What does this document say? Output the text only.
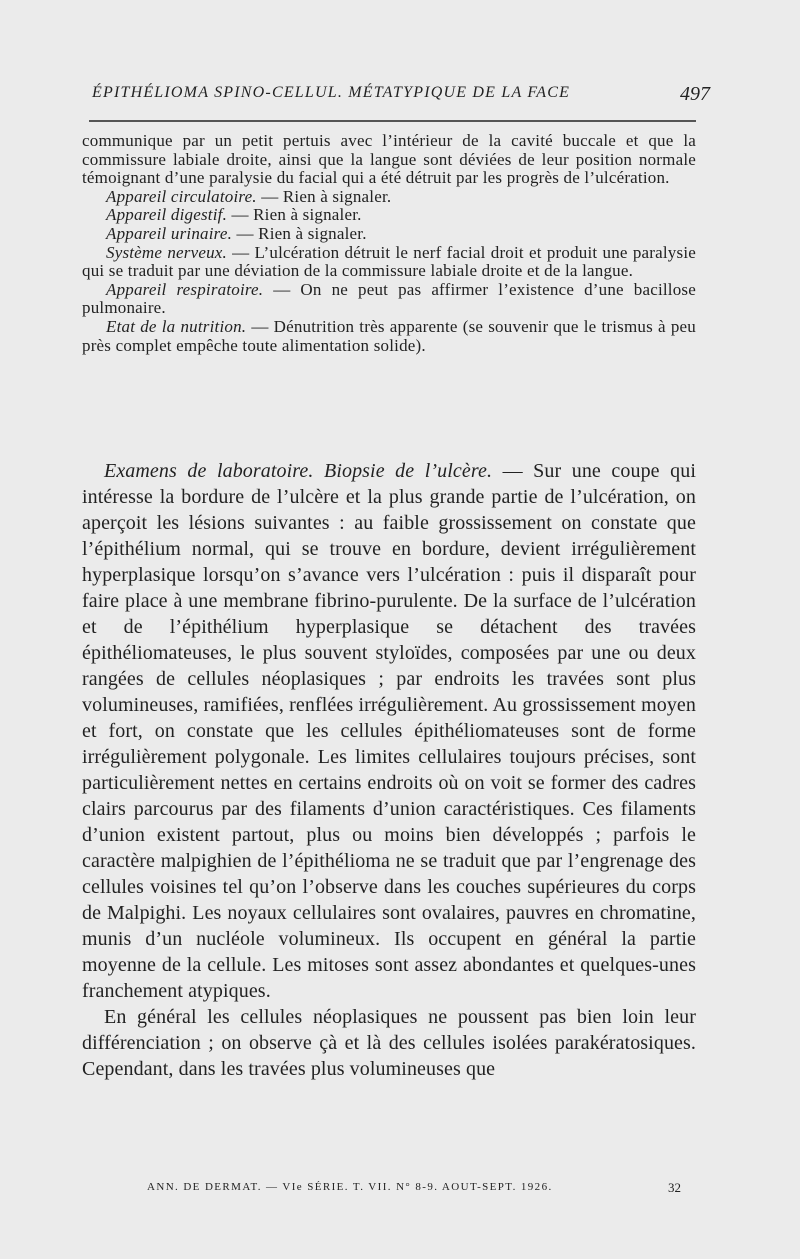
ÉPITHÉLIOMA SPINO-CELLUL. MÉTATYPIQUE DE LA FACE	497

communique par un petit pertuis avec l’intérieur de la cavité buccale et que la commissure labiale droite, ainsi que la langue sont déviées de leur position normale témoignant d’une paralysie du facial qui a été détruit par les progrès de l’ulcération.

Appareil circulatoire. — Rien à signaler.

Appareil digestif. — Rien à signaler.

Appareil urinaire. — Rien à signaler.

Système nerveux. — L’ulcération détruit le nerf facial droit et produit une paralysie qui se traduit par une déviation de la commissure labiale droite et de la langue.

Appareil respiratoire. — On ne peut pas affirmer l’existence d’une bacillose pulmonaire.

Etat de la nutrition. — Dénutrition très apparente (se souvenir que le trismus à peu près complet empêche toute alimentation solide).

Examens de laboratoire. Biopsie de l’ulcère. — Sur une coupe qui intéresse la bordure de l’ulcère et la plus grande partie de l’ulcération, on aperçoit les lésions suivantes : au faible grossissement on constate que l’épithélium normal, qui se trouve en bordure, devient irrégulièrement hyperplasique lorsqu’on s’avance vers l’ulcération : puis il disparaît pour faire place à une membrane fibrino-purulente. De la surface de l’ulcération et de l’épithélium hyperplasique se détachent des travées épithéliomateuses, le plus souvent styloïdes, composées par une ou deux rangées de cellules néoplasiques ; par endroits les travées sont plus volumineuses, ramifiées, renflées irrégulièrement. Au grossissement moyen et fort, on constate que les cellules épithéliomateuses sont de forme irrégulièrement polygonale. Les limites cellulaires toujours précises, sont particulièrement nettes en certains endroits où on voit se former des cadres clairs parcourus par des filaments d’union caractéristiques. Ces filaments d’union existent partout, plus ou moins bien développés ; parfois le caractère malpighien de l’épithélioma ne se traduit que par l’engrenage des cellules voisines tel qu’on l’observe dans les couches supérieures du corps de Malpighi. Les noyaux cellulaires sont ovalaires, pauvres en chromatine, munis d’un nucléole volumineux. Ils occupent en général la partie moyenne de la cellule. Les mitoses sont assez abondantes et quelques-unes franchement atypiques.

En général les cellules néoplasiques ne poussent pas bien loin leur différenciation ; on observe çà et là des cellules isolées parakératosiques. Cependant, dans les travées plus volumineuses que

ANN. DE DERMAT. — VIe SÉRIE. T. VII. N° 8-9. AOUT-SEPT. 1926.	32
